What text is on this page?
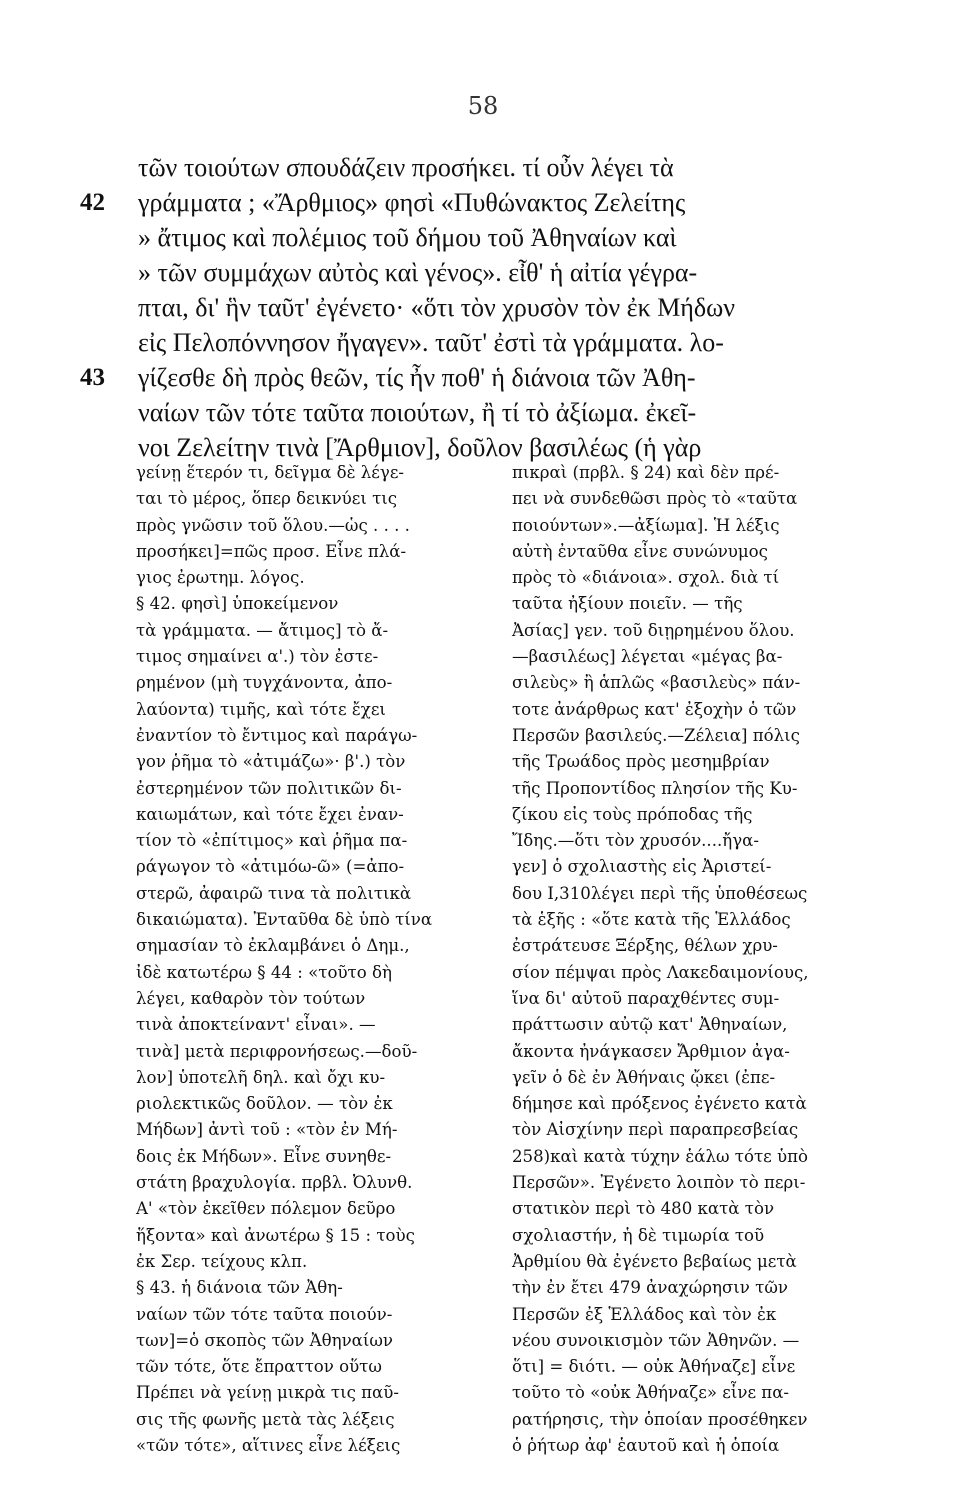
58
τῶν τοιούτων σπουδάζειν προσήκει. τί οὖν λέγει τὰ
42	γράμματα ; «Ἄρθμιος» φησὶ «Πυθώνακτος Ζελείτης
» ἄτιμος καὶ πολέμιος τοῦ δήμου τοῦ Ἀθηναίων καὶ
» τῶν συμμάχων αὐτὸς καὶ γένος». εἶθ' ἡ αἰτία γέγρα-
πται, δι' ἣν ταῦτ' ἐγένετο· «ὅτι τὸν χρυσὸν τὸν ἐκ Μήδων
εἰς Πελοπόννησον ἤγαγεν». ταῦτ' ἐστὶ τὰ γράμματα. λο-
43	γίζεσθε δὴ πρὸς θεῶν, τίς ἦν ποθ' ἡ διάνοια τῶν Ἀθη-
ναίων τῶν τότε ταῦτα ποιούτων, ἢ τί τὸ ἀξίωμα. ἐκεῖ-
νοι Ζελείτην τινὰ [Ἄρθμιον], δοῦλον βασιλέως (ἡ γὰρ
γείνῃ ἕτερόν τι, δεῖγμα δὲ λέγε-
ται τὸ μέρος, ὅπερ δεικνύει τις
πρὸς γνῶσιν τοῦ ὅλου.—ὡς . . . .
προσήκει]=πῶς προσ. Εἶνε πλά-
γιος ἐρωτημ. λόγος.
§ 42. φησὶ] ὑποκείμενον
τὰ γράμματα. — ἄτιμος] τὸ ἄ-
τιμος σημαίνει α'.) τὸν ἐστε-
ρημένον (μὴ τυγχάνοντα, ἀπο-
λαύοντα) τιμῆς, καὶ τότε ἔχει
ἐναντίον τὸ ἔντιμος καὶ παράγω-
γον ῥῆμα τὸ «ἀτιμάζω»· β'.) τὸν
ἐστερημένον τῶν πολιτικῶν δι-
καιωμάτων, καὶ τότε ἔχει ἐναν-
τίον τὸ «ἐπίτιμος» καὶ ῥῆμα πα-
ράγωγον τὸ «ἀτιμόω-ῶ» (=ἀπο-
στερῶ, ἀφαιρῶ τινα τὰ πολιτικὰ
δικαιώματα). Ἐνταῦθα δὲ ὑπὸ τίνα
σημασίαν τὸ ἐκλαμβάνει ὁ Δημ.,
ἰδὲ κατωτέρω § 44 : «τοῦτο δὴ
λέγει, καθαρὸν τὸν τούτων
τινὰ ἀποκτείναντ' εἶναι». —
τινὰ] μετὰ περιφρονήσεως.—δοῦ-
λον] ὑποτελῆ δηλ. καὶ ὄχι κυ-
ριολεκτικῶς δοῦλον. — τὸν ἐκ
Μήδων] ἀντὶ τοῦ : «τὸν ἐν Μή-
δοις ἐκ Μήδων». Εἶνε συνηθε-
στάτη βραχυλογία. πρβλ. Ὀλυνθ.
Α' «τὸν ἐκεῖθεν πόλεμον δεῦρο
ἥξοντα» καὶ ἀνωτέρω § 15 : τοὺς
ἐκ Σερ. τείχους κλπ.
§ 43. ἡ διάνοια τῶν Ἀθη-
ναίων τῶν τότε ταῦτα ποιούν-
των]=ὁ σκοπὸς τῶν Ἀθηναίων
τῶν τότε, ὅτε ἔπραττον οὕτω
Πρέπει νὰ γείνῃ μικρὰ τις παῦ-
σις τῆς φωνῆς μετὰ τὰς λέξεις
«τῶν τότε», αἵτινες εἶνε λέξεις
πικραὶ (πρβλ. § 24) καὶ δὲν πρέ-
πει νὰ συνδεθῶσι πρὸς τὸ «ταῦτα
ποιούντων».—ἀξίωμα]. Ἡ λέξις
αὐτὴ ἐνταῦθα εἶνε συνώνυμος
πρὸς τὸ «διάνοια». σχολ. διὰ τί
ταῦτα ἠξίουν ποιεῖν. — τῆς
Ἀσίας] γεν. τοῦ διῃρημένου ὅλου.
—βασιλέως] λέγεται «μέγας βα-
σιλεὺς» ἢ ἁπλῶς «βασιλεὺς» πάν-
τοτε ἀνάρθρως κατ' ἐξοχὴν ὁ τῶν
Περσῶν βασιλεύς.—Ζέλεια] πόλις
τῆς Τρωάδος πρὸς μεσημβρίαν
τῆς Προποντίδος πλησίον τῆς Κυ-
ζίκου εἰς τοὺς πρόποδας τῆς
Ἴδης.—ὅτι τὸν χρυσόν....ἤγα-
γεν] ὁ σχολιαστὴς εἰς Ἀριστεί-
δου Ι,310λέγει περὶ τῆς ὑποθέσεως
τὰ ἑξῆς : «ὅτε κατὰ τῆς Ἑλλάδος
ἐστράτευσε Ξέρξης, θέλων χρυ-
σίον πέμψαι πρὸς Λακεδαιμονίους,
ἵνα δι' αὐτοῦ παραχθέντες συμ-
πράττωσιν αὐτῷ κατ' Ἀθηναίων,
ἄκοντα ἠνάγκασεν Ἄρθμιον ἀγα-
γεῖν ὁ δὲ ἐν Ἀθήναις ᾤκει (ἐπε-
δήμησε καὶ πρόξενος ἐγένετο κατὰ
τὸν Αἰσχίνην περὶ παραπρεσβείας
258)καὶ κατὰ τύχην ἑάλω τότε ὑπὸ
Περσῶν». Ἐγένετο λοιπὸν τὸ περι-
στατικὸν περὶ τὸ 480 κατὰ τὸν
σχολιαστήν, ἡ δὲ τιμωρία τοῦ
Ἀρθμίου θὰ ἐγένετο βεβαίως μετὰ
τὴν ἐν ἔτει 479 ἀναχώρησιν τῶν
Περσῶν ἐξ Ἑλλάδος καὶ τὸν ἐκ
νέου συνοικισμὸν τῶν Ἀθηνῶν. —
ὅτι] = διότι. — οὐκ Ἀθήναζε] εἶνε
τοῦτο τὸ «οὐκ Ἀθήναζε» εἶνε πα-
ρατήρησις, τὴν ὁποίαν προσέθηκεν
ὁ ῥήτωρ ἀφ' ἑαυτοῦ καὶ ἡ ὁποία
